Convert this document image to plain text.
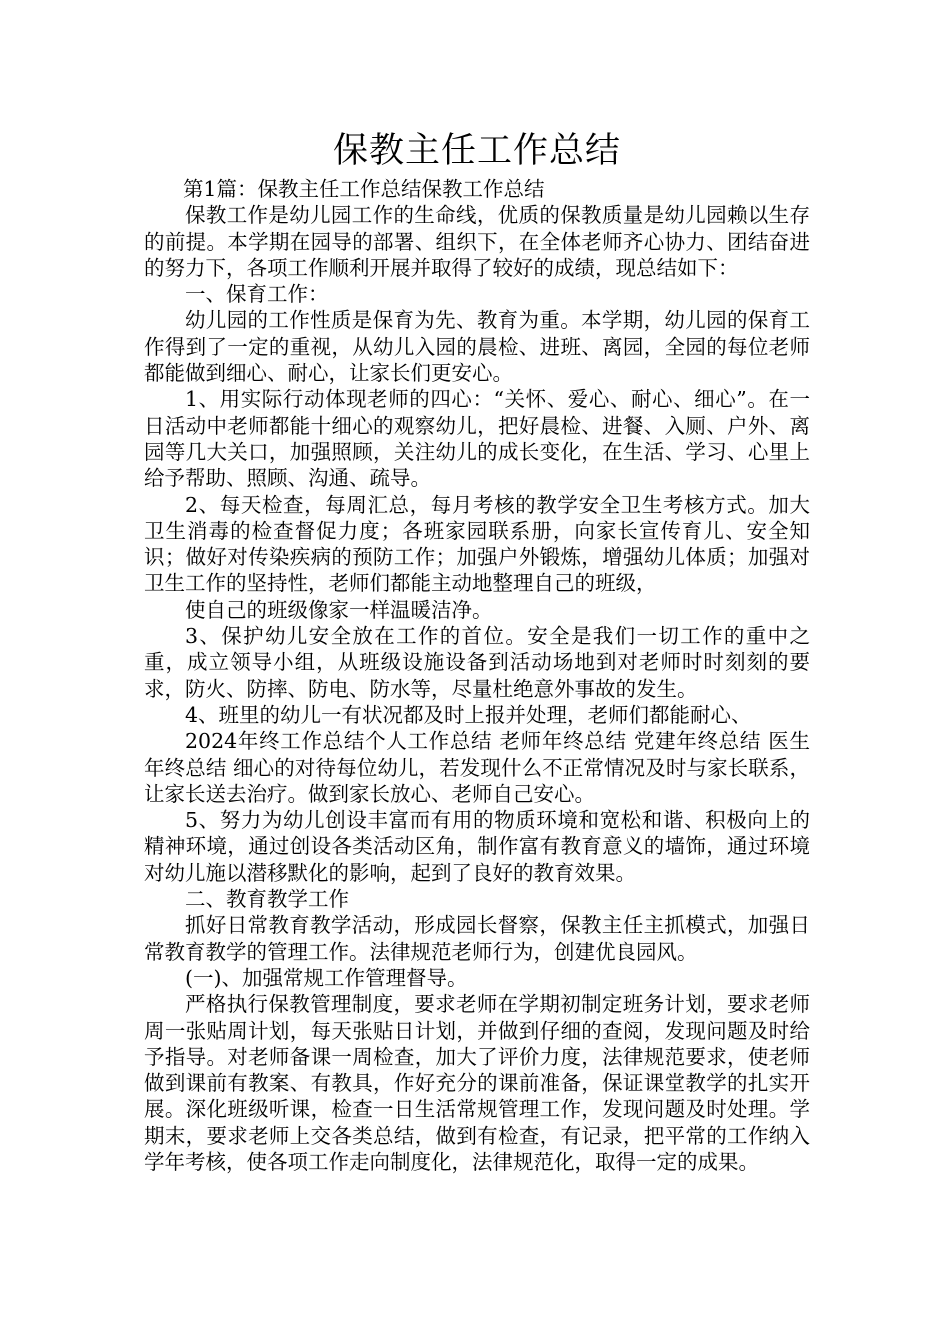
保教主任工作总结

第1篇：保教主任工作总结保教工作总结

保教工作是幼儿园工作的生命线，优质的保教质量是幼儿园赖以生存的前提。本学期在园导的部署、组织下，在全体老师齐心协力、团结奋进的努力下，各项工作顺利开展并取得了较好的成绩，现总结如下：

一、保育工作：

幼儿园的工作性质是保育为先、教育为重。本学期，幼儿园的保育工作得到了一定的重视，从幼儿入园的晨检、进班、离园，全园的每位老师都能做到细心、耐心，让家长们更安心。

1、用实际行动体现老师的四心：“关怀、爱心、耐心、细心”。在一日活动中老师都能十细心的观察幼儿，把好晨检、进餐、入厕、户外、离园等几大关口，加强照顾，关注幼儿的成长变化，在生活、学习、心里上给予帮助、照顾、沟通、疏导。

2、每天检查，每周汇总，每月考核的教学安全卫生考核方式。加大卫生消毒的检查督促力度；各班家园联系册，向家长宣传育儿、安全知识；做好对传染疾病的预防工作；加强户外锻炼，增强幼儿体质；加强对卫生工作的坚持性，老师们都能主动地整理自己的班级，

使自己的班级像家一样温暖洁净。

3、保护幼儿安全放在工作的首位。安全是我们一切工作的重中之重，成立领导小组，从班级设施设备到活动场地到对老师时时刻刻的要求，防火、防摔、防电、防水等，尽量杜绝意外事故的发生。

4、班里的幼儿一有状况都及时上报并处理，老师们都能耐心、

2024年终工作总结个人工作总结 老师年终总结 党建年终总结 医生年终总结 细心的对待每位幼儿，若发现什么不正常情况及时与家长联系，让家长送去治疗。做到家长放心、老师自己安心。

5、努力为幼儿创设丰富而有用的物质环境和宽松和谐、积极向上的精神环境，通过创设各类活动区角，制作富有教育意义的墙饰，通过环境对幼儿施以潜移默化的影响，起到了良好的教育效果。

二、教育教学工作

抓好日常教育教学活动，形成园长督察，保教主任主抓模式，加强日常教育教学的管理工作。法律规范老师行为，创建优良园风。

(一)、加强常规工作管理督导。

严格执行保教管理制度，要求老师在学期初制定班务计划，要求老师周一张贴周计划，每天张贴日计划，并做到仔细的查阅，发现问题及时给予指导。对老师备课一周检查，加大了评价力度，法律规范要求，使老师做到课前有教案、有教具，作好充分的课前准备，保证课堂教学的扎实开展。深化班级听课，检查一日生活常规管理工作，发现问题及时处理。学期末，要求老师上交各类总结，做到有检查，有记录，把平常的工作纳入学年考核，使各项工作走向制度化，法律规范化，取得一定的成果。
